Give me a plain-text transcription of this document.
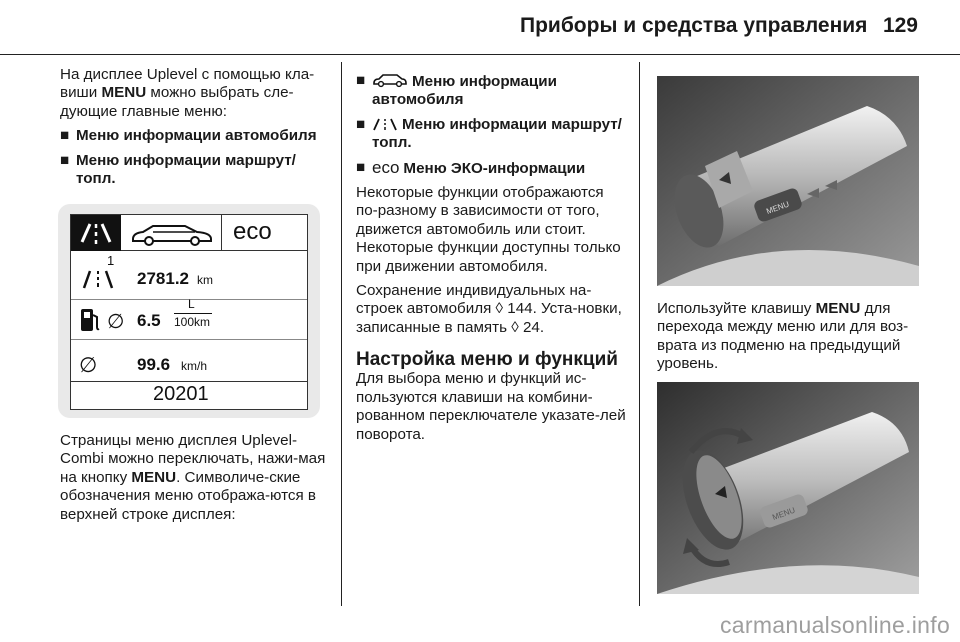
Приборы и средства управления 129

На дисплее Uplevel с помощью кла-виши MENU можно выбрать сле-дующие главные меню:

■ Меню информации автомобиля
■ Меню информации маршрут/топл.
eco
1
2781.2 km
∅ 6.5
L
100km
∅ 99.6 km/h
20201

Страницы меню дисплея Uplevel-Combi можно переключать, нажи-мая на кнопку MENU. Символиче-ские обозначения меню отобража-ются в верхней строке дисплея:

■	Меню информации автомобиля
■ Меню информации маршрут/топл.
■ eco Меню ЭКО-информации

Некоторые функции отображаются по-разному в зависимости от того, движется автомобиль или стоит. Некоторые функции доступны только при движении автомобиля.

Сохранение индивидуальных на-строек автомобиля ◊ 144. Уста-новки, записанные в память ◊ 24.

Настройка меню и функций

Для выбора меню и функций ис-пользуются клавиши на комбини-рованном переключателе указате-лей поворота.

MENU

Используйте клавишу MENU для перехода между меню или для воз-врата из подменю на предыдущий уровень.

MENU
carmanualsonline.info
